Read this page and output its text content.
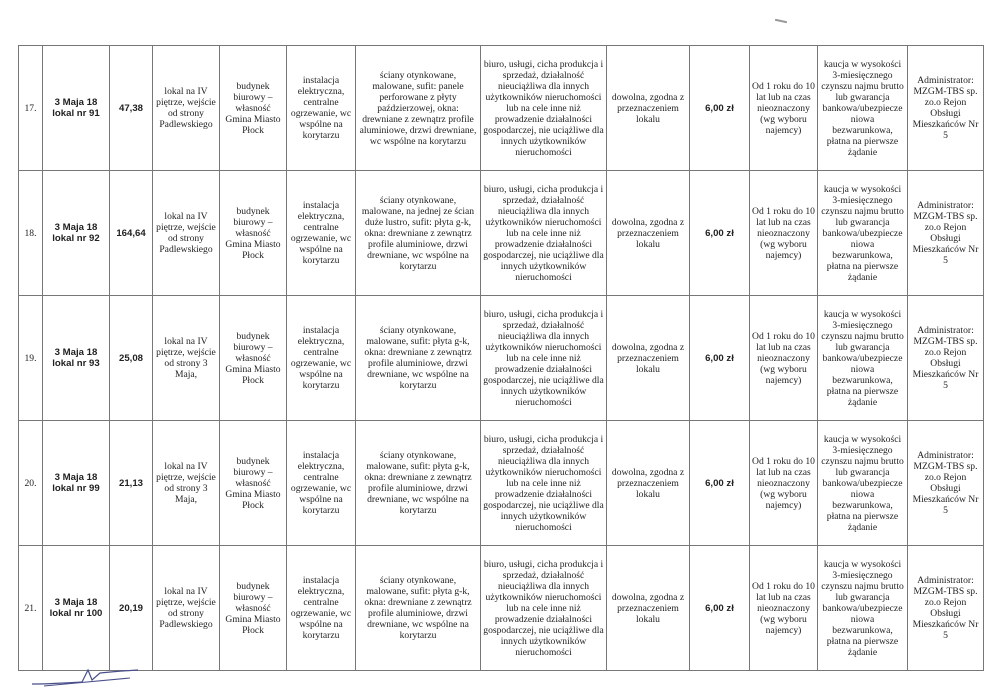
17.	3 Maja 18 lokal nr 91	47,38	lokal na IV piętrze, wejście od strony Padlewskiego	budynek biurowy – własność Gmina Miasto Płock	instalacja elektryczna, centralne ogrzewanie, wc wspólne na korytarzu	ściany otynkowane, malowane, sufit: panele perforowane z płyty paździerzowej, okna: drewniane z zewnątrz profile aluminiowe, drzwi drewniane, wc wspólne na korytarzu	biuro, usługi, cicha produkcja i sprzedaż, działalność nieuciążliwa dla innych użytkowników nieruchomości lub na cele inne niż prowadzenie działalności gospodarczej, nie uciążliwe dla innych użytkowników nieruchomości	dowolna, zgodna z przeznaczeniem lokalu	6,00 zł	Od 1 roku do 10 lat lub na czas nieoznaczony (wg wyboru najemcy)	kaucja w wysokości 3-miesięcznego czynszu najmu brutto lub gwarancja bankowa/ubezpiecze niowa bezwarunkowa, płatna na pierwsze żądanie	Administrator: MZGM-TBS sp. zo.o Rejon Obsługi Mieszkańców Nr 5
18.	3 Maja 18 lokal nr 92	164,64	lokal na IV piętrze, wejście od strony Padlewskiego	budynek biurowy – własność Gmina Miasto Płock	instalacja elektryczna, centralne ogrzewanie, wc wspólne na korytarzu	ściany otynkowane, malowane, na jednej ze ścian duże lustro, sufit: płyta g-k, okna: drewniane z zewnątrz profile aluminiowe, drzwi drewniane, wc wspólne na korytarzu	biuro, usługi, cicha produkcja i sprzedaż, działalność nieuciążliwa dla innych użytkowników nieruchomości lub na cele inne niż prowadzenie działalności gospodarczej, nie uciążliwe dla innych użytkowników nieruchomości	dowolna, zgodna z przeznaczeniem lokalu	6,00 zł	Od 1 roku do 10 lat lub na czas nieoznaczony (wg wyboru najemcy)	kaucja w wysokości 3-miesięcznego czynszu najmu brutto lub gwarancja bankowa/ubezpiecze niowa bezwarunkowa, płatna na pierwsze żądanie	Administrator: MZGM-TBS sp. zo.o Rejon Obsługi Mieszkańców Nr 5
19.	3 Maja 18 lokal nr 93	25,08	lokal na IV piętrze, wejście od strony 3 Maja,	budynek biurowy – własność Gmina Miasto Płock	instalacja elektryczna, centralne ogrzewanie, wc wspólne na korytarzu	ściany otynkowane, malowane, sufit: płyta g-k, okna: drewniane z zewnątrz profile aluminiowe, drzwi drewniane, wc wspólne na korytarzu	biuro, usługi, cicha produkcja i sprzedaż, działalność nieuciążliwa dla innych użytkowników nieruchomości lub na cele inne niż prowadzenie działalności gospodarczej, nie uciążliwe dla innych użytkowników nieruchomości	dowolna, zgodna z przeznaczeniem lokalu	6,00 zł	Od 1 roku do 10 lat lub na czas nieoznaczony (wg wyboru najemcy)	kaucja w wysokości 3-miesięcznego czynszu najmu brutto lub gwarancja bankowa/ubezpiecze niowa bezwarunkowa, płatna na pierwsze żądanie	Administrator: MZGM-TBS sp. zo.o Rejon Obsługi Mieszkańców Nr 5
20.	3 Maja 18 lokal nr 99	21,13	lokal na IV piętrze, wejście od strony 3 Maja,	budynek biurowy – własność Gmina Miasto Płock	instalacja elektryczna, centralne ogrzewanie, wc wspólne na korytarzu	ściany otynkowane, malowane, sufit: płyta g-k, okna: drewniane z zewnątrz profile aluminiowe, drzwi drewniane, wc wspólne na korytarzu	biuro, usługi, cicha produkcja i sprzedaż, działalność nieuciążliwa dla innych użytkowników nieruchomości lub na cele inne niż prowadzenie działalności gospodarczej, nie uciążliwe dla innych użytkowników nieruchomości	dowolna, zgodna z przeznaczeniem lokalu	6,00 zł	Od 1 roku do 10 lat lub na czas nieoznaczony (wg wyboru najemcy)	kaucja w wysokości 3-miesięcznego czynszu najmu brutto lub gwarancja bankowa/ubezpiecze niowa bezwarunkowa, płatna na pierwsze żądanie	Administrator: MZGM-TBS sp. zo.o Rejon Obsługi Mieszkańców Nr 5
21.	3 Maja 18 lokal nr 100	20,19	lokal na IV piętrze, wejście od strony Padlewskiego	budynek biurowy – własność Gmina Miasto Płock	instalacja elektryczna, centralne ogrzewanie, wc wspólne na korytarzu	ściany otynkowane, malowane, sufit: płyta g-k, okna: drewniane z zewnątrz profile aluminiowe, drzwi drewniane, wc wspólne na korytarzu	biuro, usługi, cicha produkcja i sprzedaż, działalność nieuciążliwa dla innych użytkowników nieruchomości lub na cele inne niż prowadzenie działalności gospodarczej, nie uciążliwe dla innych użytkowników nieruchomości	dowolna, zgodna z przeznaczeniem lokalu	6,00 zł	Od 1 roku do 10 lat lub na czas nieoznaczony (wg wyboru najemcy)	kaucja w wysokości 3-miesięcznego czynszu najmu brutto lub gwarancja bankowa/ubezpiecze niowa bezwarunkowa, płatna na pierwsze żądanie	Administrator: MZGM-TBS sp. zo.o Rejon Obsługi Mieszkańców Nr 5
